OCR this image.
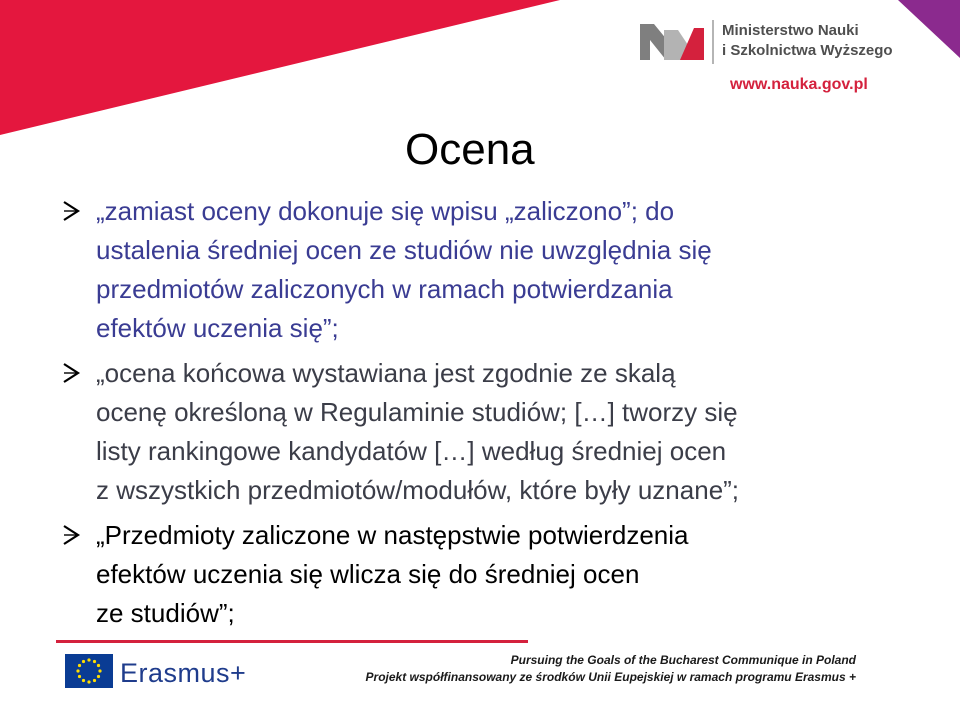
Ministerstwo Nauki
i Szkolnictwa Wyższego
www.nauka.gov.pl
Ocena
„zamiast oceny dokonuje się wpisu „zaliczono”; do
ustalenia średniej ocen ze studiów nie uwzględnia się
przedmiotów zaliczonych w ramach potwierdzania
efektów uczenia się”;
„ocena końcowa wystawiana jest zgodnie ze skalą
ocenę określoną w Regulaminie studiów; […] tworzy się
listy rankingowe kandydatów […] według średniej ocen
z wszystkich przedmiotów/modułów, które były uznane”;
„Przedmioty zaliczone w następstwie potwierdzenia
efektów uczenia się wlicza się do średniej ocen
ze studiów”;
Erasmus+	Pursuing the Goals of the Bucharest Communique in Poland
Projekt współfinansowany ze środków Unii Eupejskiej w ramach programu Erasmus +
